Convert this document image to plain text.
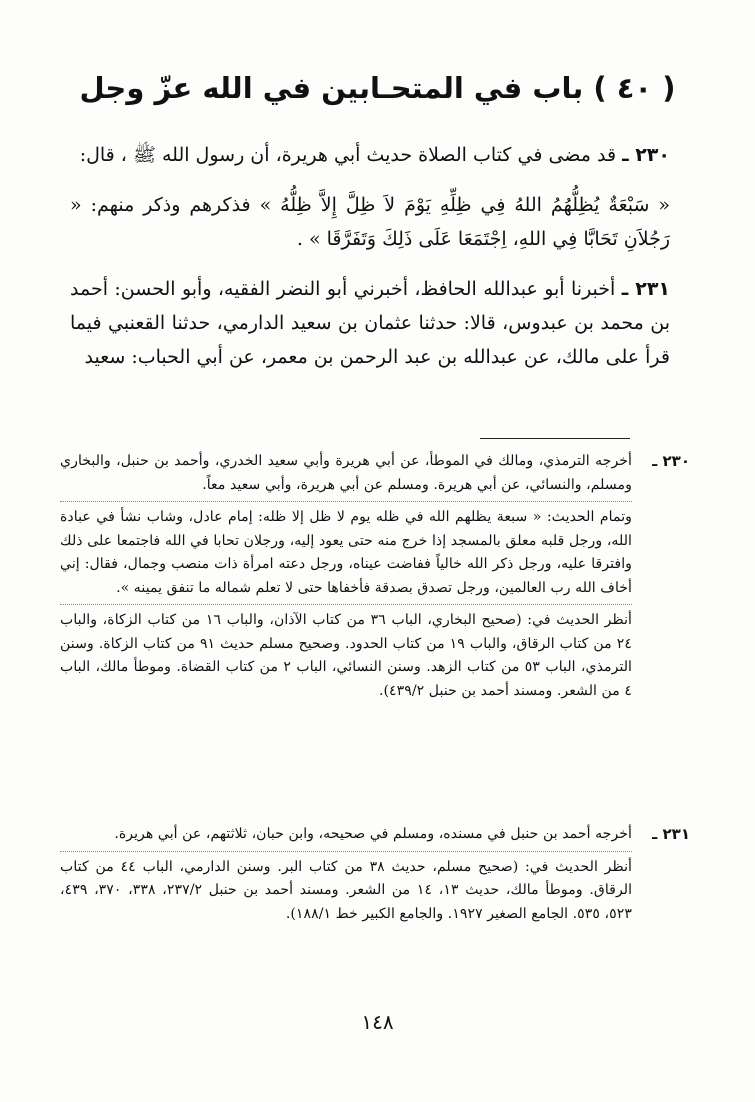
( ٤٠ ) باب في المتحـابين في الله عزّ وجل

٢٣٠ ـ قد مضى في كتاب الصلاة حديث أبي هريرة، أن رسول الله ﷺ ، قال:

« سَبْعَةٌ يُظِلُّهُمُ اللهُ فِي ظِلِّهِ يَوْمَ لاَ ظِلَّ إِلاَّ ظِلُّهُ » فذكرهم وذكر منهم: « رَجُلاَنِ تَحَابَّا فِي اللهِ، اِجْتَمَعَا عَلَى ذَلِكَ وَتَفَرَّقَا » .

٢٣١ ـ أخبرنا أبو عبدالله الحافظ، أخبرني أبو النضر الفقيه، وأبو الحسن: أحمد بن محمد بن عبدوس، قالا: حدثنا عثمان بن سعيد الدارمي، حدثنا القعنبي فيما قرأ على مالك، عن عبدالله بن عبد الرحمن بن معمر، عن أبي الحباب: سعيد

٢٣٠ ـ

أخرجه الترمذي، ومالك في الموطأ، عن أبي هريرة وأبي سعيد الخدري، وأحمد بن حنبل، والبخاري ومسلم، والنسائي، عن أبي هريرة. ومسلم عن أبي هريرة، وأبي سعيد معاً.

وتمام الحديث: « سبعة يظلهم الله في ظله يوم لا ظل إلا ظله: إمام عادل، وشاب نشأ في عبادة الله، ورجل قلبه معلق بالمسجد إذا خرج منه حتى يعود إليه، ورجلان تحابا في الله فاجتمعا على ذلك وافترقا عليه، ورجل ذكر الله خالياً ففاضت عيناه، ورجل دعته امرأة ذات منصب وجمال، فقال: إني أخاف الله رب العالمين، ورجل تصدق بصدقة فأخفاها حتى لا تعلم شماله ما تنفق يمينه ».

أنظر الحديث في: (صحيح البخاري، الباب ٣٦ من كتاب الآذان، والباب ١٦ من كتاب الزكاة، والباب ٢٤ من كتاب الرقاق، والباب ١٩ من كتاب الحدود. وصحيح مسلم حديث ٩١ من كتاب الزكاة. وسنن الترمذي، الباب ٥٣ من كتاب الزهد. وسنن النسائي، الباب ٢ من كتاب القضاة. وموطأ مالك، الباب ٤ من الشعر. ومسند أحمد بن حنبل ٤٣٩/٢).

٢٣١ ـ

أخرجه أحمد بن حنبل في مسنده، ومسلم في صحيحه، وابن حبان، ثلاثتهم، عن أبي هريرة.

أنظر الحديث في: (صحيح مسلم، حديث ٣٨ من كتاب البر. وسنن الدارمي، الباب ٤٤ من كتاب الرقاق. وموطأ مالك، حديث ١٣، ١٤ من الشعر. ومسند أحمد بن حنبل ٢٣٧/٢، ٣٣٨، ٣٧٠، ٤٣٩، ٥٢٣، ٥٣٥. الجامع الصغير ١٩٢٧. والجامع الكبير خط ١٨٨/١).

١٤٨
